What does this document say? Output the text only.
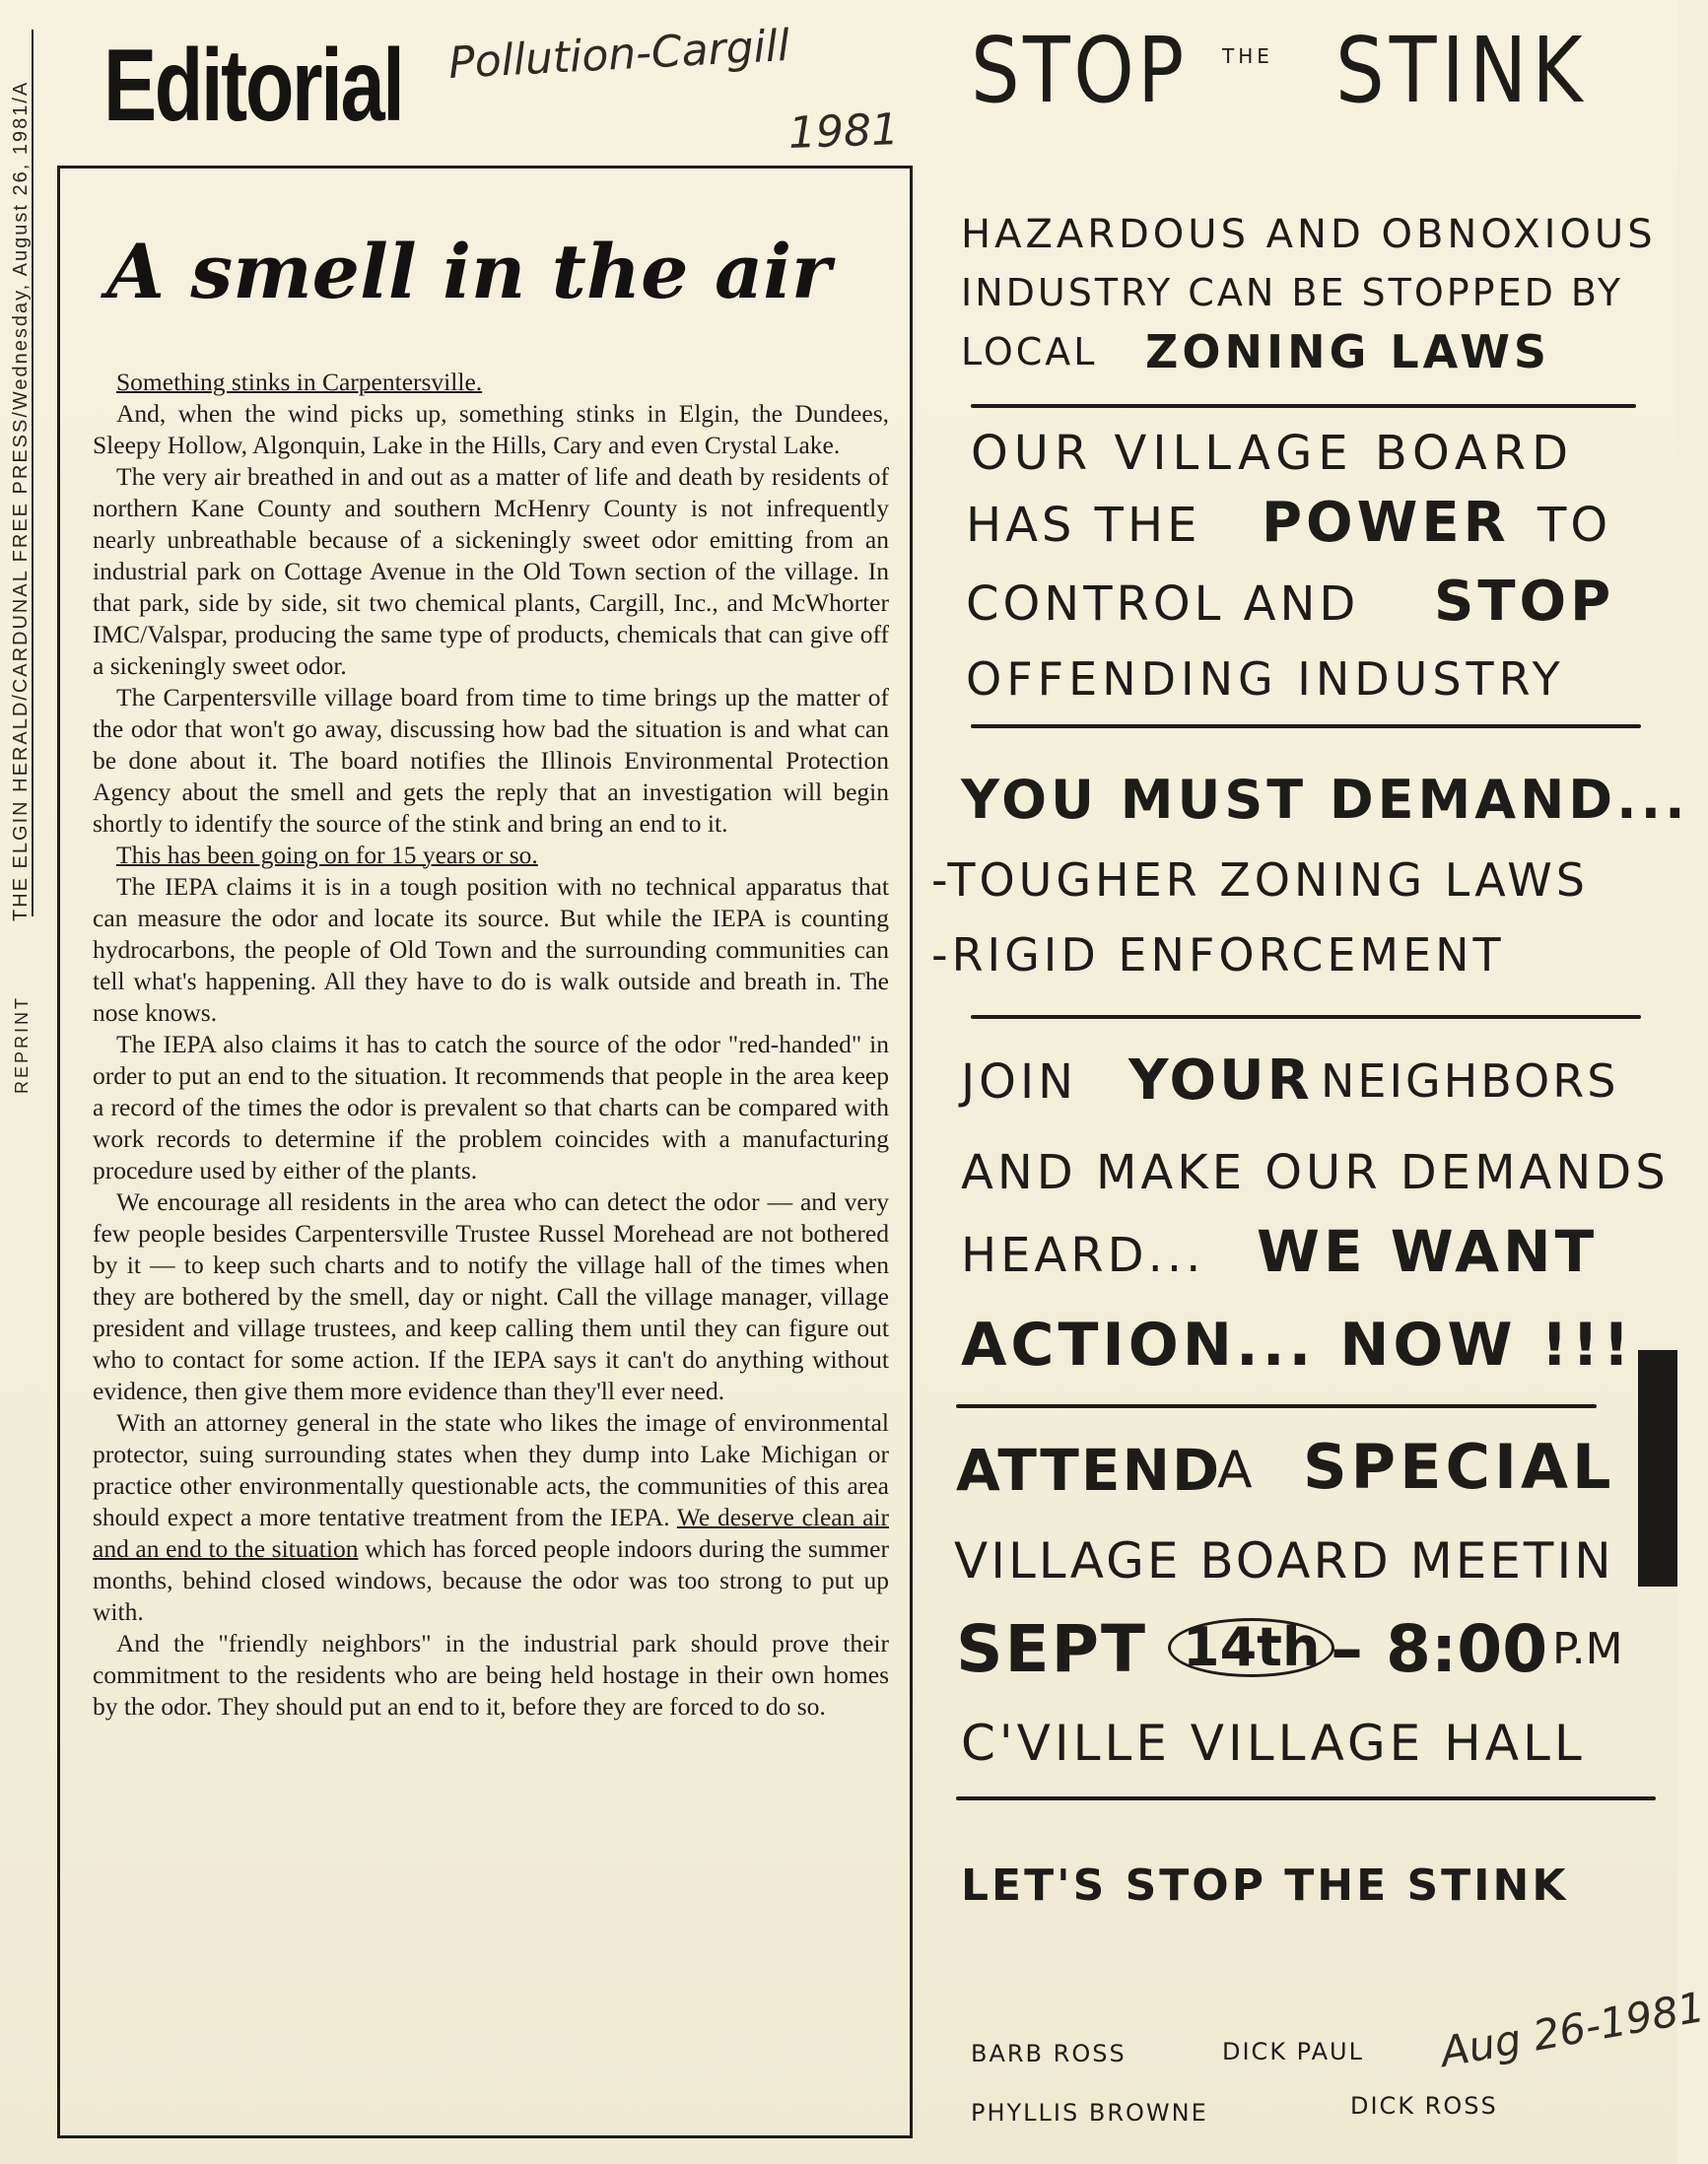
THE ELGIN HERALD/CARDUNAL FREE PRESS/Wednesday, August 26, 1981/A
REPRINT
Editorial Pollution-Cargill
1981
A smell in the air

Something stinks in Carpentersville.

And, when the wind picks up, something stinks in Elgin, the Dundees, Sleepy Hollow, Algonquin, Lake in the Hills, Cary and even Crystal Lake.

The very air breathed in and out as a matter of life and death by residents of northern Kane County and southern McHenry County is not infrequently nearly unbreathable because of a sickeningly sweet odor emitting from an industrial park on Cottage Avenue in the Old Town section of the village. In that park, side by side, sit two chemical plants, Cargill, Inc., and McWhorter IMC/Valspar, producing the same type of products, chemicals that can give off a sickeningly sweet odor.

The Carpentersville village board from time to time brings up the matter of the odor that won't go away, discussing how bad the situation is and what can be done about it. The board notifies the Illinois Environmental Protection Agency about the smell and gets the reply that an investigation will begin shortly to identify the source of the stink and bring an end to it.

This has been going on for 15 years or so.

The IEPA claims it is in a tough position with no technical apparatus that can measure the odor and locate its source. But while the IEPA is counting hydrocarbons, the people of Old Town and the surrounding communities can tell what's happening. All they have to do is walk outside and breath in. The nose knows.

The IEPA also claims it has to catch the source of the odor "red-handed" in order to put an end to the situation. It recommends that people in the area keep a record of the times the odor is prevalent so that charts can be compared with work records to determine if the problem coincides with a manufacturing procedure used by either of the plants.

We encourage all residents in the area who can detect the odor — and very few people besides Carpentersville Trustee Russel Morehead are not bothered by it — to keep such charts and to notify the village hall of the times when they are bothered by the smell, day or night. Call the village manager, village president and village trustees, and keep calling them until they can figure out who to contact for some action. If the IEPA says it can't do anything without evidence, then give them more evidence than they'll ever need.

With an attorney general in the state who likes the image of environmental protector, suing surrounding states when they dump into Lake Michigan or practice other environmentally questionable acts, the communities of this area should expect a more tentative treatment from the IEPA. We deserve clean air and an end to the situation which has forced people indoors during the summer months, behind closed windows, because the odor was too strong to put up with.

And the "friendly neighbors" in the industrial park should prove their commitment to the residents who are being held hostage in their own homes by the odor. They should put an end to it, before they are forced to do so.

STOP THE STINK
HAZARDOUS AND OBNOXIOUS
INDUSTRY CAN BE STOPPED BY
LOCAL ZONING LAWS
OUR VILLAGE BOARD
HAS THE POWER TO
CONTROL AND STOP
OFFENDING INDUSTRY
YOU MUST DEMAND...
-TOUGHER ZONING LAWS
-RIGID ENFORCEMENT
JOIN YOUR NEIGHBORS
AND MAKE OUR DEMANDS
HEARD... WE WANT
ACTION... NOW !!!
ATTEND
A SPECIAL
VILLAGE BOARD MEETIN
SEPT 14th – 8:00 P.M
C'VILLE VILLAGE HALL
LET'S STOP THE STINK
BARB ROSS	DICK PAUL
PHYLLIS BROWNE	DICK ROSS
Aug 26-1981
